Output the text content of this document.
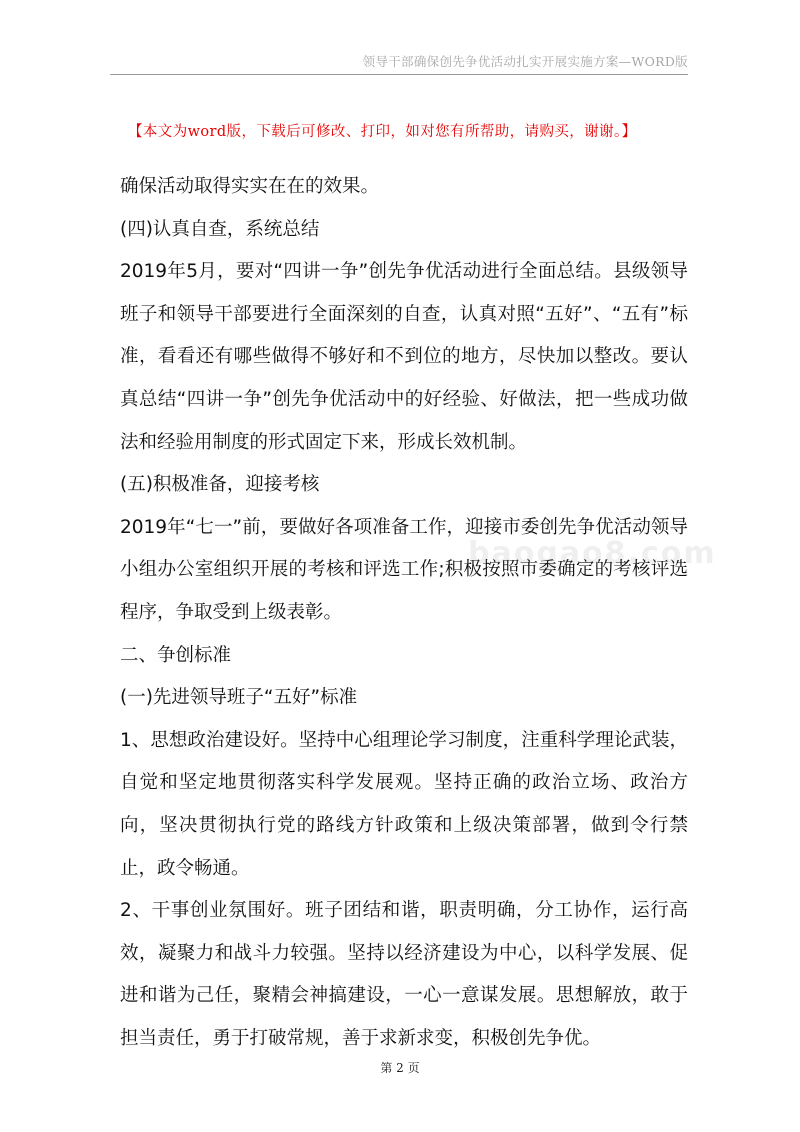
领导干部确保创先争优活动扎实开展实施方案—WORD版
【本文为word版，下载后可修改、打印，如对您有所帮助，请购买，谢谢。】

确保活动取得实实在在的效果。

(四)认真自查，系统总结

2019年5月，要对“四讲一争”创先争优活动进行全面总结。县级领导班子和领导干部要进行全面深刻的自查，认真对照“五好”、“五有”标准，看看还有哪些做得不够好和不到位的地方，尽快加以整改。要认真总结“四讲一争”创先争优活动中的好经验、好做法，把一些成功做法和经验用制度的形式固定下来，形成长效机制。

(五)积极准备，迎接考核

2019年“七一”前，要做好各项准备工作，迎接市委创先争优活动领导小组办公室组织开展的考核和评选工作;积极按照市委确定的考核评选程序，争取受到上级表彰。

二、争创标准

(一)先进领导班子“五好”标准

1、思想政治建设好。坚持中心组理论学习制度，注重科学理论武装，自觉和坚定地贯彻落实科学发展观。坚持正确的政治立场、政治方向，坚决贯彻执行党的路线方针政策和上级决策部署，做到令行禁止，政令畅通。

2、干事创业氛围好。班子团结和谐，职责明确，分工协作，运行高效，凝聚力和战斗力较强。坚持以经济建设为中心，以科学发展、促进和谐为己任，聚精会神搞建设，一心一意谋发展。思想解放，敢于担当责任，勇于打破常规，善于求新求变，积极创先争优。

baogao8.com
第 2 页
